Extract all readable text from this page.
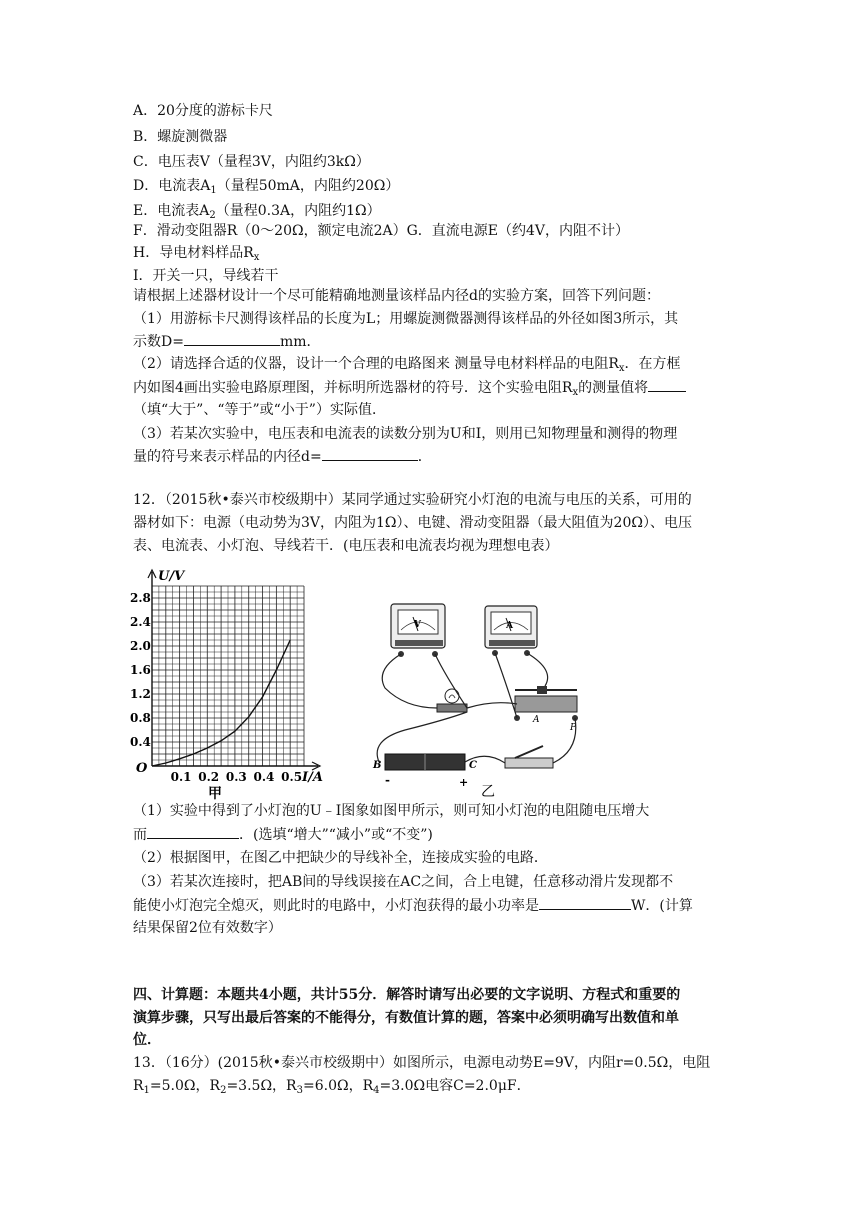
A．20分度的游标卡尺
B．螺旋测微器
C．电压表V（量程3V，内阻约3kΩ）
D．电流表$A_1$（量程50mA，内阻约20Ω）
E．电流表$A_2$（量程0.3A，内阻约1Ω）
F．滑动变阻器R（0～20Ω，额定电流2A）G．直流电源E（约4V，内阻不计）
H．导电材料样品$R_x$
I．开关一只，导线若干
请根据上述器材设计一个尽可能精确地测量该样品内径d的实验方案，回答下列问题：
（1）用游标卡尺测得该样品的长度为L；用螺旋测微器测得该样品的外径如图3所示，其
示数D=	mm．
（2）请选择合适的仪器，设计一个合理的电路图来 测量导电材料样品的电阻$R_x$．在方框
内如图4画出实验电路原理图，并标明所选器材的符号．这个实验电阻$R_x$的测量值将
（填“大于”、“等于”或“小于”）实际值．
（3）若某次实验中，电压表和电流表的读数分别为U和I，则用已知物理量和测得的物理
量的符号来表示样品的内径d=	．
12．（2015秋•泰兴市校级期中）某同学通过实验研究小灯泡的电流与电压的关系，可用的
器材如下：电源（电动势为3V，内阻为1Ω）、电键、滑动变阻器（最大阻值为20Ω）、电压
表、电流表、小灯泡、导线若干．(电压表和电流表均视为理想电表）
0.1 0.2 0.3 0.4 0.5
0.4
0.8
1.2
1.6
2.0
2.4
2.8
U/V
I/A
O
甲
V	A
A
P
B	C
-	+
乙
（1）实验中得到了小灯泡的U﹣I图象如图甲所示，则可知小灯泡的电阻随电压增大
而	．(选填“增大”“减小”或“不变”)
（2）根据图甲，在图乙中把缺少的导线补全，连接成实验的电路．
（3）若某次连接时，把AB间的导线误接在AC之间，合上电键，任意移动滑片发现都不
能使小灯泡完全熄灭，则此时的电路中，小灯泡获得的最小功率是	W．(计算
结果保留2位有效数字）
四、计算题：本题共4小题，共计55分．解答时请写出必要的文字说明、方程式和重要的
演算步骤，只写出最后答案的不能得分，有数值计算的题，答案中必须明确写出数值和单
位．
13．（16分）(2015秋•泰兴市校级期中）如图所示，电源电动势E=9V，内阻r=0.5Ω，电阻
$R_1=5.0\Omega$，$R_2=3.5\Omega$，$R_3=6.0\Omega$，$R_4=3.0\Omega$电容C=2.0μF．
